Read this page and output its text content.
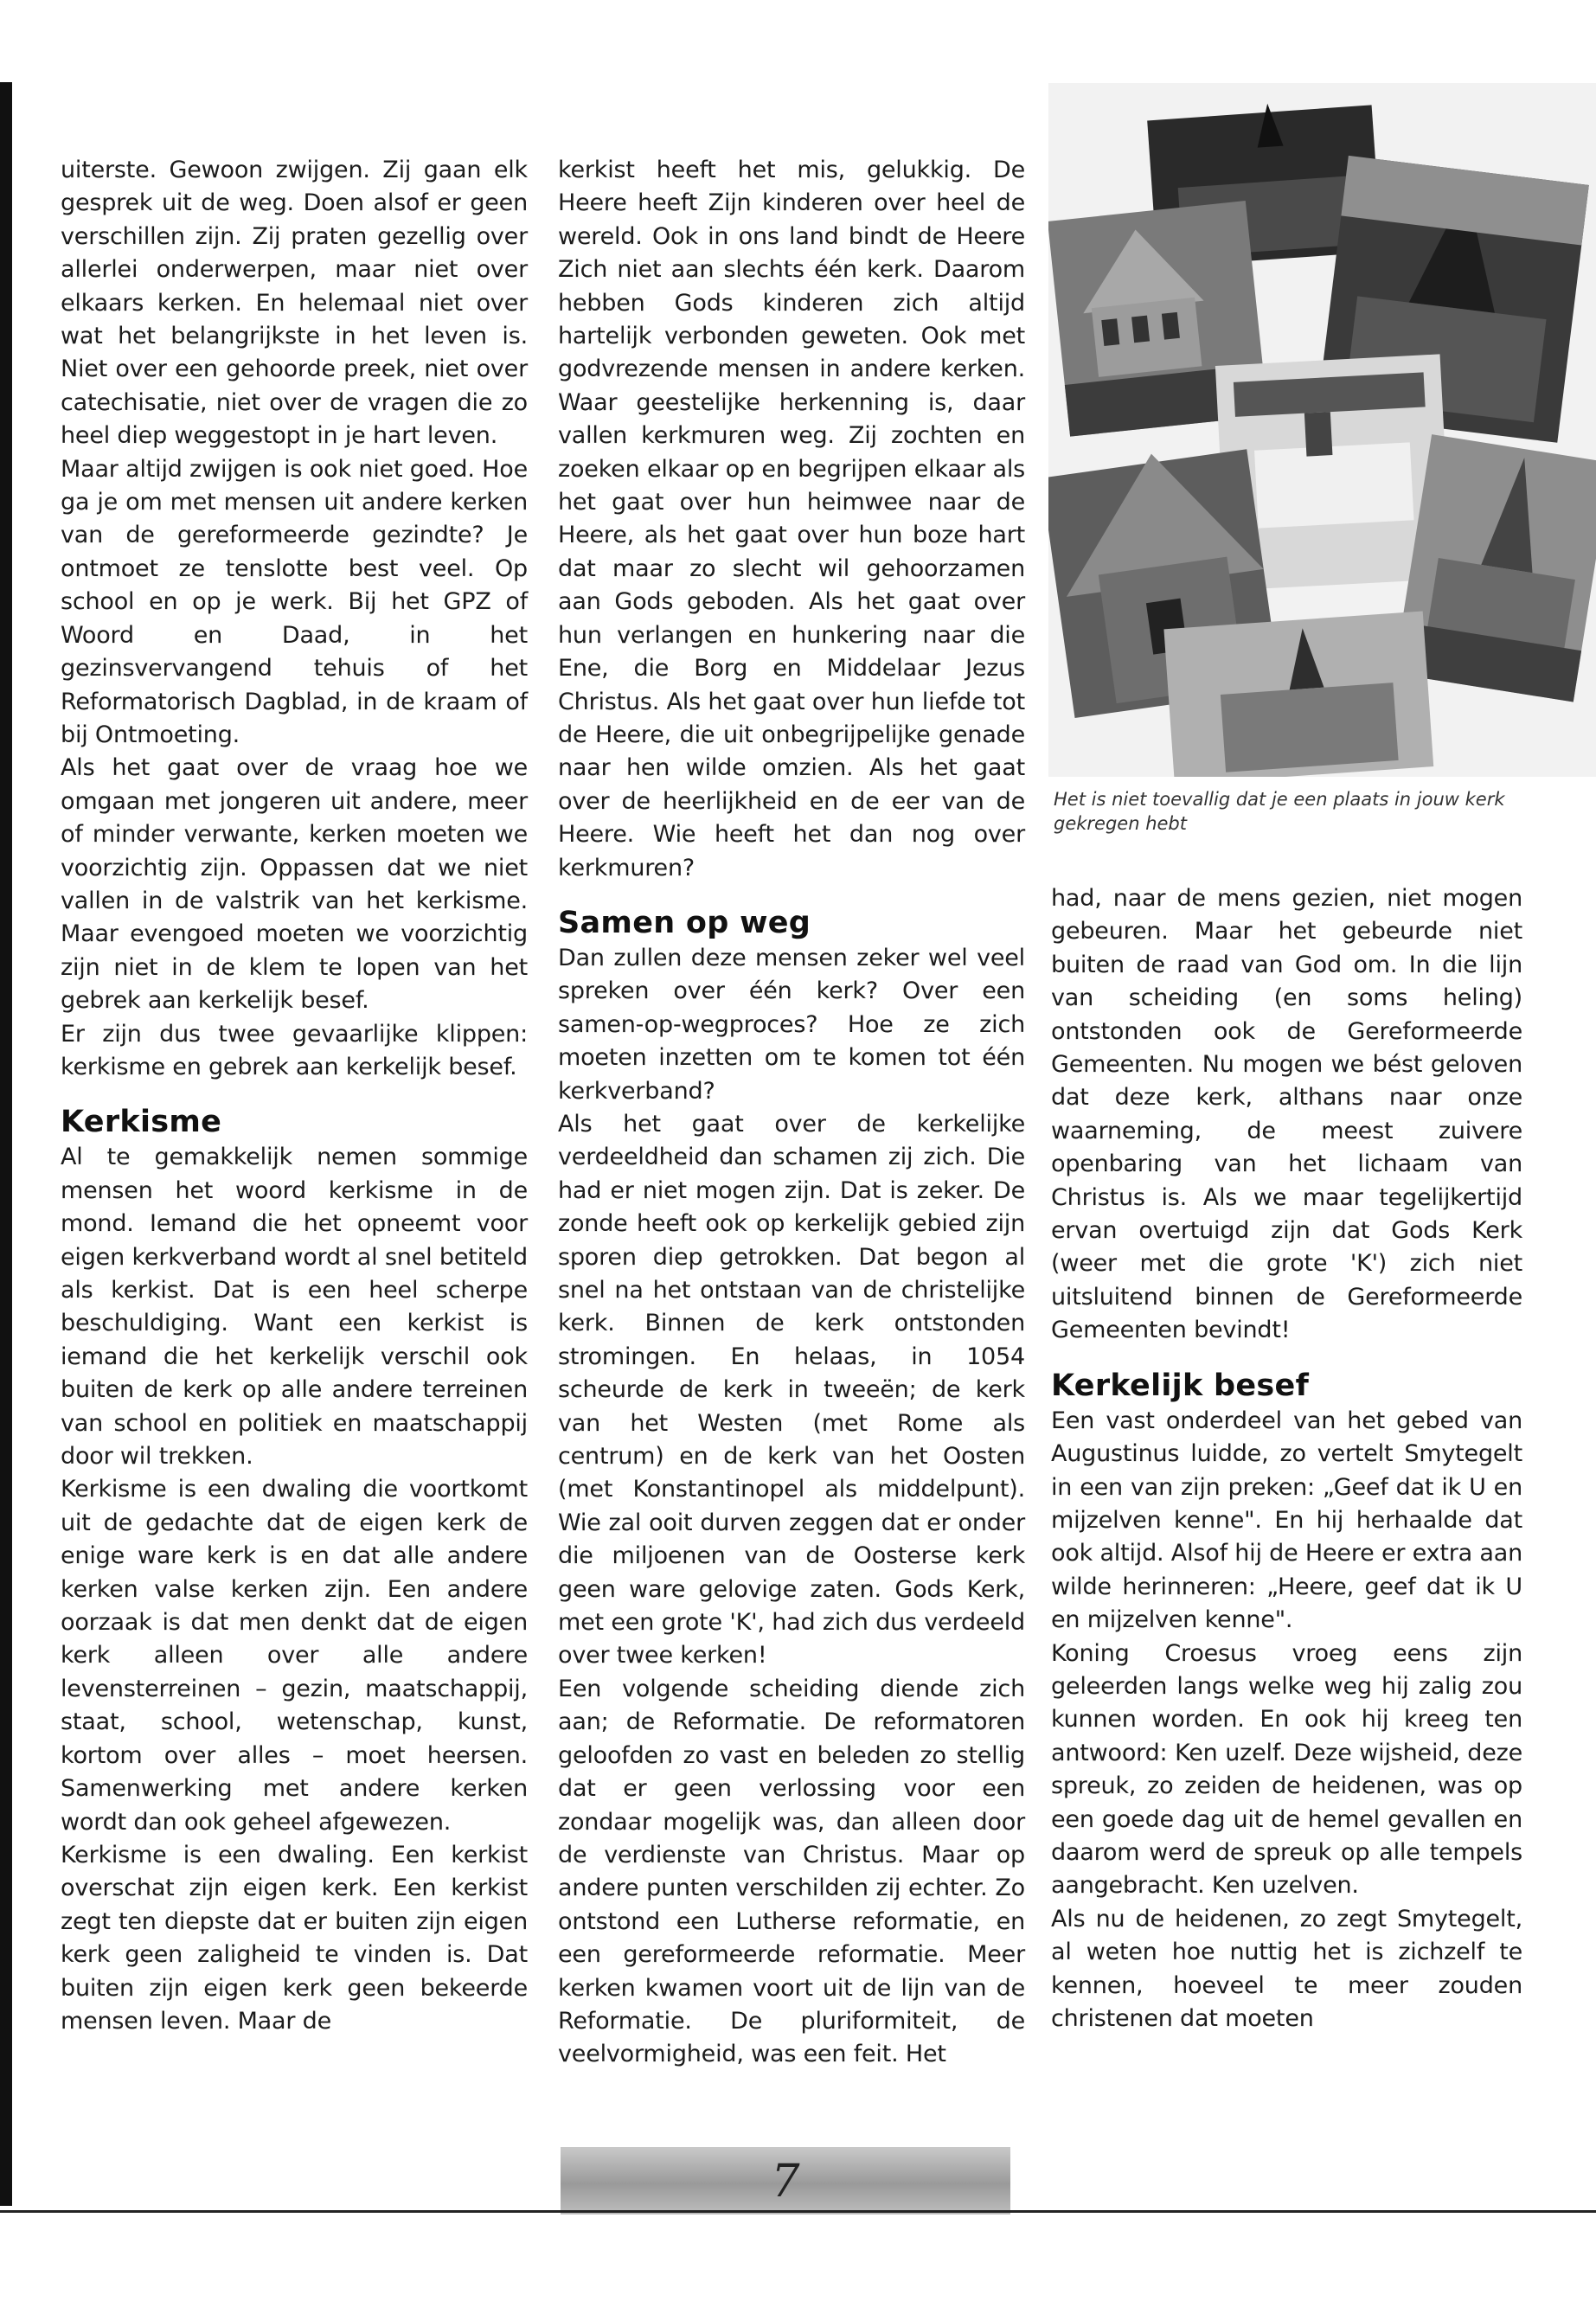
uiterste. Gewoon zwijgen. Zij gaan elk gesprek uit de weg. Doen alsof er geen verschillen zijn. Zij praten gezellig over allerlei onderwerpen, maar niet over elkaars kerken. En helemaal niet over wat het belangrijkste in het leven is. Niet over een gehoorde preek, niet over catechisatie, niet over de vragen die zo heel diep weggestopt in je hart leven.

Maar altijd zwijgen is ook niet goed. Hoe ga je om met mensen uit andere kerken van de gereformeerde gezindte? Je ontmoet ze tenslotte best veel. Op school en op je werk. Bij het GPZ of Woord en Daad, in het gezinsvervangend tehuis of het Reformatorisch Dagblad, in de kraam of bij Ontmoeting.

Als het gaat over de vraag hoe we omgaan met jongeren uit andere, meer of minder verwante, kerken moeten we voorzichtig zijn. Oppassen dat we niet vallen in de valstrik van het kerkisme. Maar evengoed moeten we voorzichtig zijn niet in de klem te lopen van het gebrek aan kerkelijk besef.

Er zijn dus twee gevaarlijke klippen: kerkisme en gebrek aan kerkelijk besef.

Kerkisme

Al te gemakkelijk nemen sommige mensen het woord kerkisme in de mond. Iemand die het opneemt voor eigen kerkverband wordt al snel betiteld als kerkist. Dat is een heel scherpe beschuldiging. Want een kerkist is iemand die het kerkelijk verschil ook buiten de kerk op alle andere terreinen van school en politiek en maatschappij door wil trekken.

Kerkisme is een dwaling die voortkomt uit de gedachte dat de eigen kerk de enige ware kerk is en dat alle andere kerken valse kerken zijn. Een andere oorzaak is dat men denkt dat de eigen kerk alleen over alle andere levensterreinen – gezin, maatschappij, staat, school, wetenschap, kunst, kortom over alles – moet heersen. Samenwerking met andere kerken wordt dan ook geheel afgewezen.

Kerkisme is een dwaling. Een kerkist overschat zijn eigen kerk. Een kerkist zegt ten diepste dat er buiten zijn eigen kerk geen zaligheid te vinden is. Dat buiten zijn eigen kerk geen bekeerde mensen leven. Maar de

kerkist heeft het mis, gelukkig. De Heere heeft Zijn kinderen over heel de wereld. Ook in ons land bindt de Heere Zich niet aan slechts één kerk. Daarom hebben Gods kinderen zich altijd hartelijk verbonden geweten. Ook met godvrezende mensen in andere kerken. Waar geestelijke herkenning is, daar vallen kerkmuren weg. Zij zochten en zoeken elkaar op en begrijpen elkaar als het gaat over hun heimwee naar de Heere, als het gaat over hun boze hart dat maar zo slecht wil gehoorzamen aan Gods geboden. Als het gaat over hun verlangen en hunkering naar die Ene, die Borg en Middelaar Jezus Christus. Als het gaat over hun liefde tot de Heere, die uit onbegrijpelijke genade naar hen wilde omzien. Als het gaat over de heerlijkheid en de eer van de Heere. Wie heeft het dan nog over kerkmuren?

Samen op weg

Dan zullen deze mensen zeker wel veel spreken over één kerk? Over een samen-op-wegproces? Hoe ze zich moeten inzetten om te komen tot één kerkverband?

Als het gaat over de kerkelijke verdeeldheid dan schamen zij zich. Die had er niet mogen zijn. Dat is zeker. De zonde heeft ook op kerkelijk gebied zijn sporen diep getrokken. Dat begon al snel na het ontstaan van de christelijke kerk. Binnen de kerk ontstonden stromingen. En helaas, in 1054 scheurde de kerk in tweeën; de kerk van het Westen (met Rome als centrum) en de kerk van het Oosten (met Konstantinopel als middelpunt). Wie zal ooit durven zeggen dat er onder die miljoenen van de Oosterse kerk geen ware gelovige zaten. Gods Kerk, met een grote 'K', had zich dus verdeeld over twee kerken!

Een volgende scheiding diende zich aan; de Reformatie. De reformatoren geloofden zo vast en beleden zo stellig dat er geen verlossing voor een zondaar mogelijk was, dan alleen door de verdienste van Christus. Maar op andere punten verschilden zij echter. Zo ontstond een Lutherse reformatie, en een gereformeerde reformatie. Meer kerken kwamen voort uit de lijn van de Reformatie. De pluriformiteit, de veelvormigheid, was een feit. Het

Het is niet toevallig dat je een plaats in jouw kerk gekregen hebt

had, naar de mens gezien, niet mogen gebeuren. Maar het gebeurde niet buiten de raad van God om. In die lijn van scheiding (en soms heling) ontstonden ook de Gereformeerde Gemeenten. Nu mogen we bést geloven dat deze kerk, althans naar onze waarneming, de meest zuivere openbaring van het lichaam van Christus is. Als we maar tegelijkertijd ervan overtuigd zijn dat Gods Kerk (weer met die grote 'K') zich niet uitsluitend binnen de Gereformeerde Gemeenten bevindt!

Kerkelijk besef

Een vast onderdeel van het gebed van Augustinus luidde, zo vertelt Smytegelt in een van zijn preken: „Geef dat ik U en mijzelven kenne". En hij herhaalde dat ook altijd. Alsof hij de Heere er extra aan wilde herinneren: „Heere, geef dat ik U en mijzelven kenne".

Koning Croesus vroeg eens zijn geleerden langs welke weg hij zalig zou kunnen worden. En ook hij kreeg ten antwoord: Ken uzelf. Deze wijsheid, deze spreuk, zo zeiden de heidenen, was op een goede dag uit de hemel gevallen en daarom werd de spreuk op alle tempels aangebracht. Ken uzelven.

Als nu de heidenen, zo zegt Smytegelt, al weten hoe nuttig het is zichzelf te kennen, hoeveel te meer zouden christenen dat moeten

7
